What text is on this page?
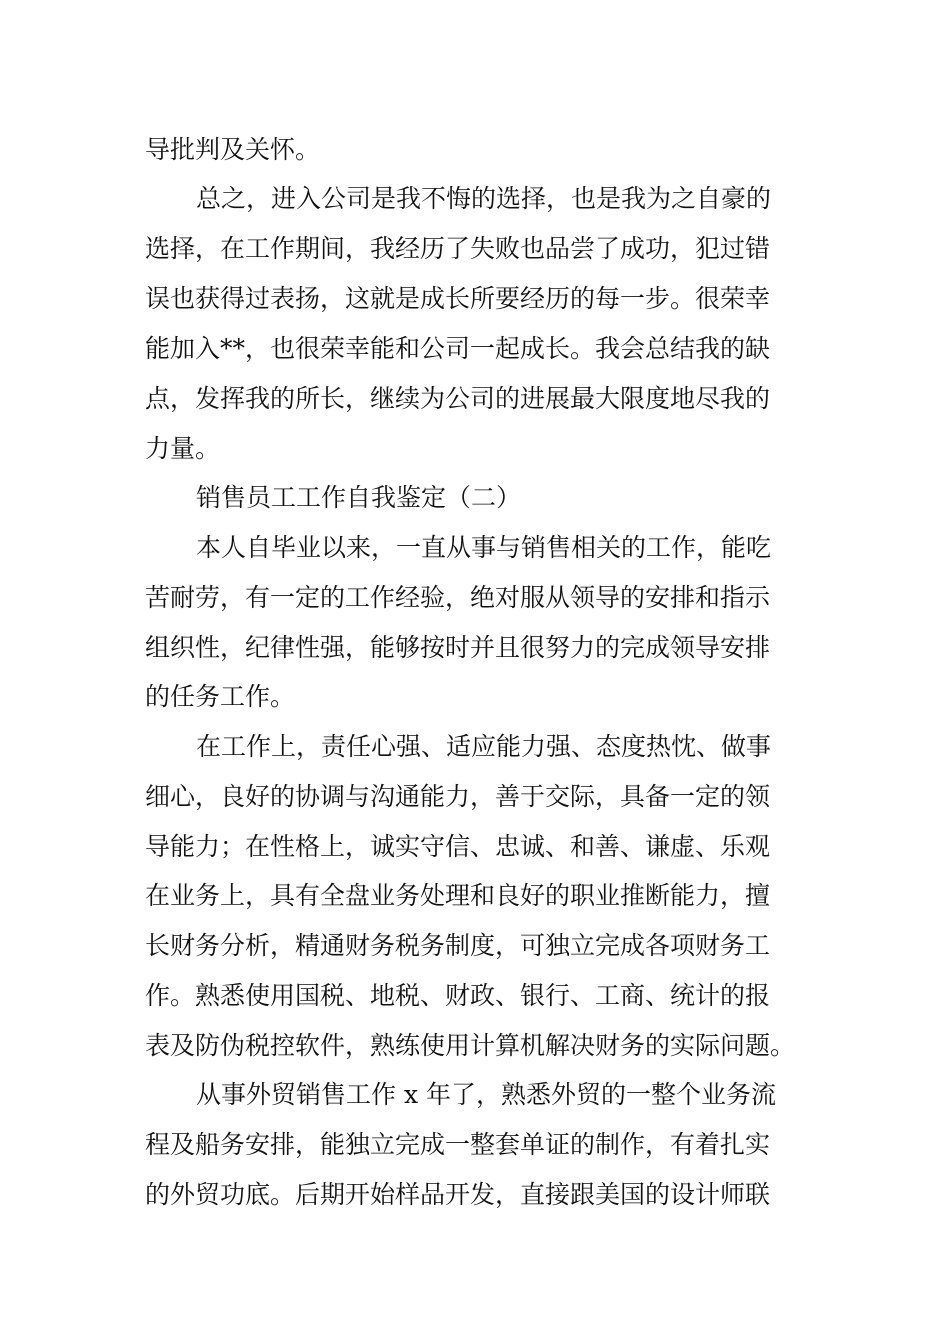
导批判及关怀。
总之，进入公司是我不悔的选择，也是我为之自豪的
选择，在工作期间，我经历了失败也品尝了成功，犯过错
误也获得过表扬，这就是成长所要经历的每一步。很荣幸
能加入**，也很荣幸能和公司一起成长。我会总结我的缺
点，发挥我的所长，继续为公司的进展最大限度地尽我的
力量。
销售员工工作自我鉴定（二）
本人自毕业以来，一直从事与销售相关的工作，能吃
苦耐劳，有一定的工作经验，绝对服从领导的安排和指示
组织性，纪律性强，能够按时并且很努力的完成领导安排
的任务工作。
在工作上，责任心强、适应能力强、态度热忱、做事
细心，良好的协调与沟通能力，善于交际，具备一定的领
导能力；在性格上，诚实守信、忠诚、和善、谦虚、乐观
在业务上，具有全盘业务处理和良好的职业推断能力，擅
长财务分析，精通财务税务制度，可独立完成各项财务工
作。熟悉使用国税、地税、财政、银行、工商、统计的报
表及防伪税控软件，熟练使用计算机解决财务的实际问题。
从事外贸销售工作 x 年了，熟悉外贸的一整个业务流
程及船务安排，能独立完成一整套单证的制作，有着扎实
的外贸功底。后期开始样品开发，直接跟美国的设计师联
